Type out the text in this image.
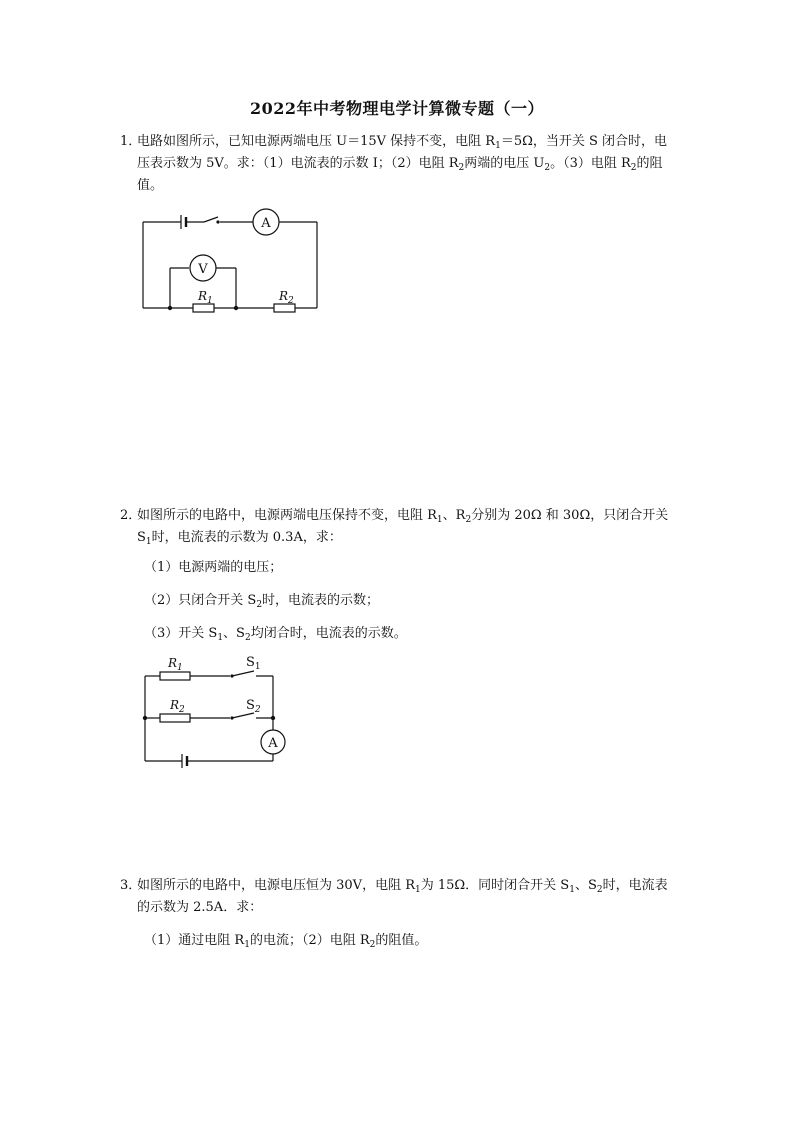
2022年中考物理电学计算微专题（一）
1．
电路如图所示，已知电源两端电压 U＝15V 保持不变，电阻 $R_1=5\Omega$，当开关 S 闭合时，电压表示数为 5V。求：（1）电流表的示数 I；（2）电阻 $R_2$两端的电压 $U_2$。（3）电阻 $R_2$的阻值。
A
V
$R_1$	$R_2$
2．
如图所示的电路中，电源两端电压保持不变，电阻 $R_1$、$R_2$分别为 20Ω 和 30Ω，只闭合开关 $S_1$时，电流表的示数为 0.3A，求：
（1）电源两端的电压；
（2）只闭合开关 $S_2$时，电流表的示数；
（3）开关 $S_1$、$S_2$均闭合时，电流表的示数。
$R_1$	$S_1$
$R_2$	$S_2$
A
3．
如图所示的电路中，电源电压恒为 30V，电阻 $R_1$为 15Ω．同时闭合开关 $S_1$、$S_2$时，电流表的示数为 2.5A．求：
（1）通过电阻 $R_1$的电流；（2）电阻 $R_2$的阻值。
